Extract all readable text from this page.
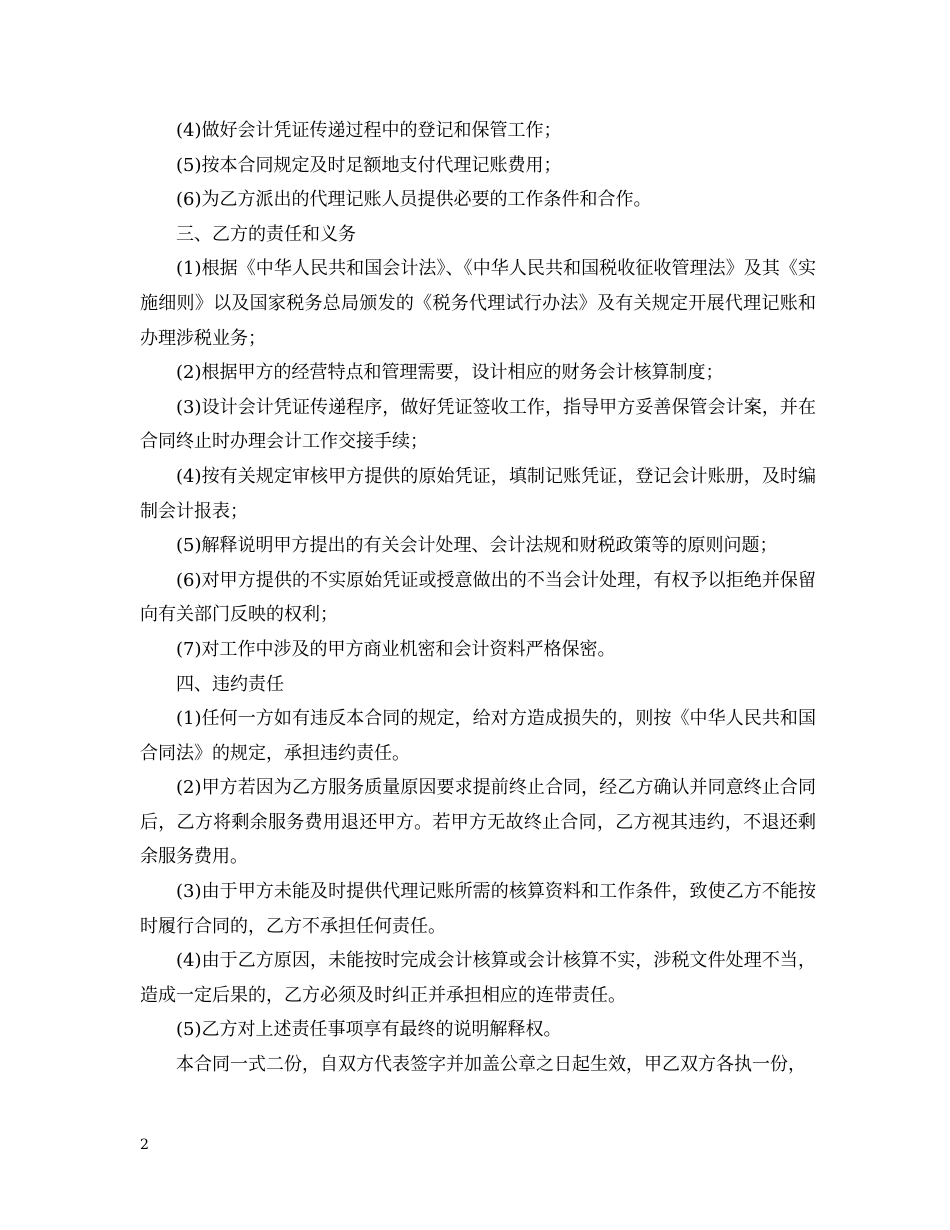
(4)做好会计凭证传递过程中的登记和保管工作；

(5)按本合同规定及时足额地支付代理记账费用；

(6)为乙方派出的代理记账人员提供必要的工作条件和合作。

三、乙方的责任和义务

(1)根据《中华人民共和国会计法》、《中华人民共和国税收征收管理法》及其《实施细则》以及国家税务总局颁发的《税务代理试行办法》及有关规定开展代理记账和办理涉税业务；

(2)根据甲方的经营特点和管理需要，设计相应的财务会计核算制度；

(3)设计会计凭证传递程序，做好凭证签收工作，指导甲方妥善保管会计案，并在合同终止时办理会计工作交接手续；

(4)按有关规定审核甲方提供的原始凭证，填制记账凭证，登记会计账册，及时编制会计报表；

(5)解释说明甲方提出的有关会计处理、会计法规和财税政策等的原则问题；

(6)对甲方提供的不实原始凭证或授意做出的不当会计处理，有权予以拒绝并保留向有关部门反映的权利；

(7)对工作中涉及的甲方商业机密和会计资料严格保密。

四、违约责任

(1)任何一方如有违反本合同的规定，给对方造成损失的，则按《中华人民共和国合同法》的规定，承担违约责任。

(2)甲方若因为乙方服务质量原因要求提前终止合同，经乙方确认并同意终止合同后，乙方将剩余服务费用退还甲方。若甲方无故终止合同，乙方视其违约，不退还剩余服务费用。

(3)由于甲方未能及时提供代理记账所需的核算资料和工作条件，致使乙方不能按时履行合同的，乙方不承担任何责任。

(4)由于乙方原因，未能按时完成会计核算或会计核算不实，涉税文件处理不当，造成一定后果的，乙方必须及时纠正并承担相应的连带责任。

(5)乙方对上述责任事项享有最终的说明解释权。

本合同一式二份，自双方代表签字并加盖公章之日起生效，甲乙双方各执一份，

2
